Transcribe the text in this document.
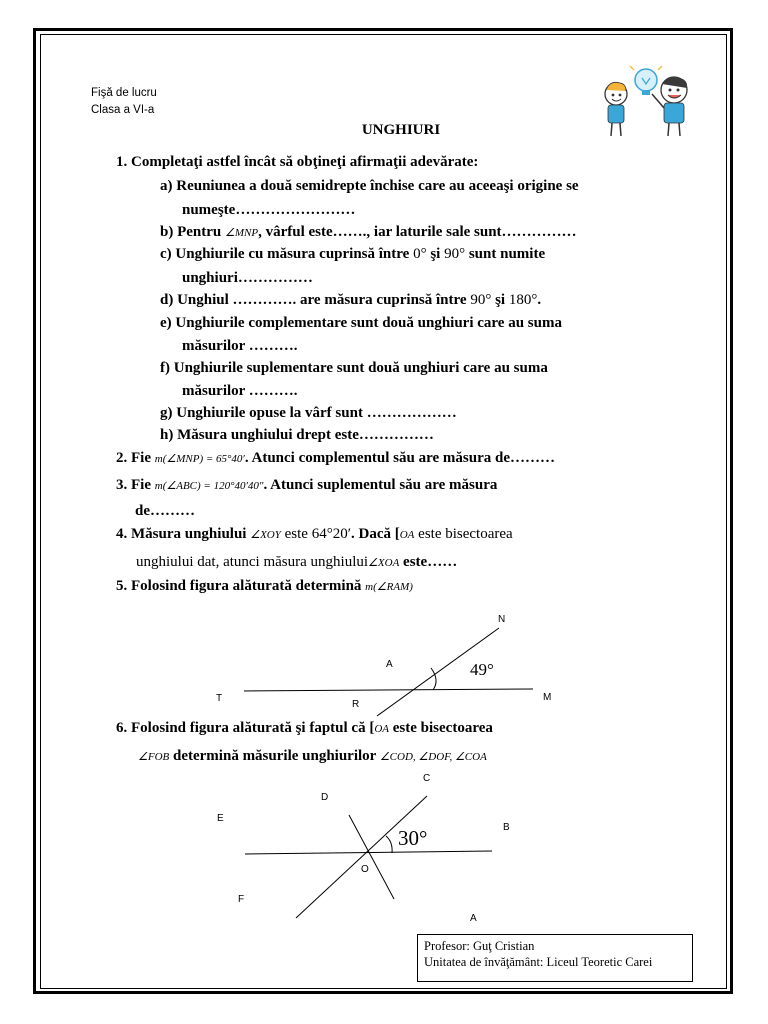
Fişă de lucru
Clasa a VI-a
UNGHIURI
1. Completaţi astfel încât să obţineţi afirmaţii adevărate:
a) Reuniunea a două semidrepte închise care au aceeaşi origine se
numeşte……………………
b) Pentru ∠MNP, vârful este……., iar laturile sale sunt……………
c) Unghiurile cu măsura cuprinsă între 0° şi 90° sunt numite
unghiuri……………
d) Unghiul …………. are măsura cuprinsă între 90° şi 180°.
e) Unghiurile complementare sunt două unghiuri care au suma
măsurilor ……….
f) Unghiurile suplementare sunt două unghiuri care au suma
măsurilor ……….
g) Unghiurile opuse la vârf sunt ………………
h) Măsura unghiului drept este……………
2. Fie m(∠MNP) = 65°40′. Atunci complementul său are măsura de………
3. Fie m(∠ABC) = 120°40′40″. Atunci suplementul său are măsura
de………
4. Măsura unghiului ∠XOY este 64°20′. Dacă [OA este bisectoarea
unghiului dat, atunci măsura unghiului∠XOA este……
5. Folosind figura alăturată determină m(∠RAM)
N
A
T
R
M
49°
6. Folosind figura alăturată şi faptul că [OA este bisectoarea
∠FOB determină măsurile unghiurilor ∠COD, ∠DOF, ∠COA
C
D
E
B
O
F
A
30°
Profesor: Guţ Cristian
Unitatea de învăţământ: Liceul Teoretic Carei
